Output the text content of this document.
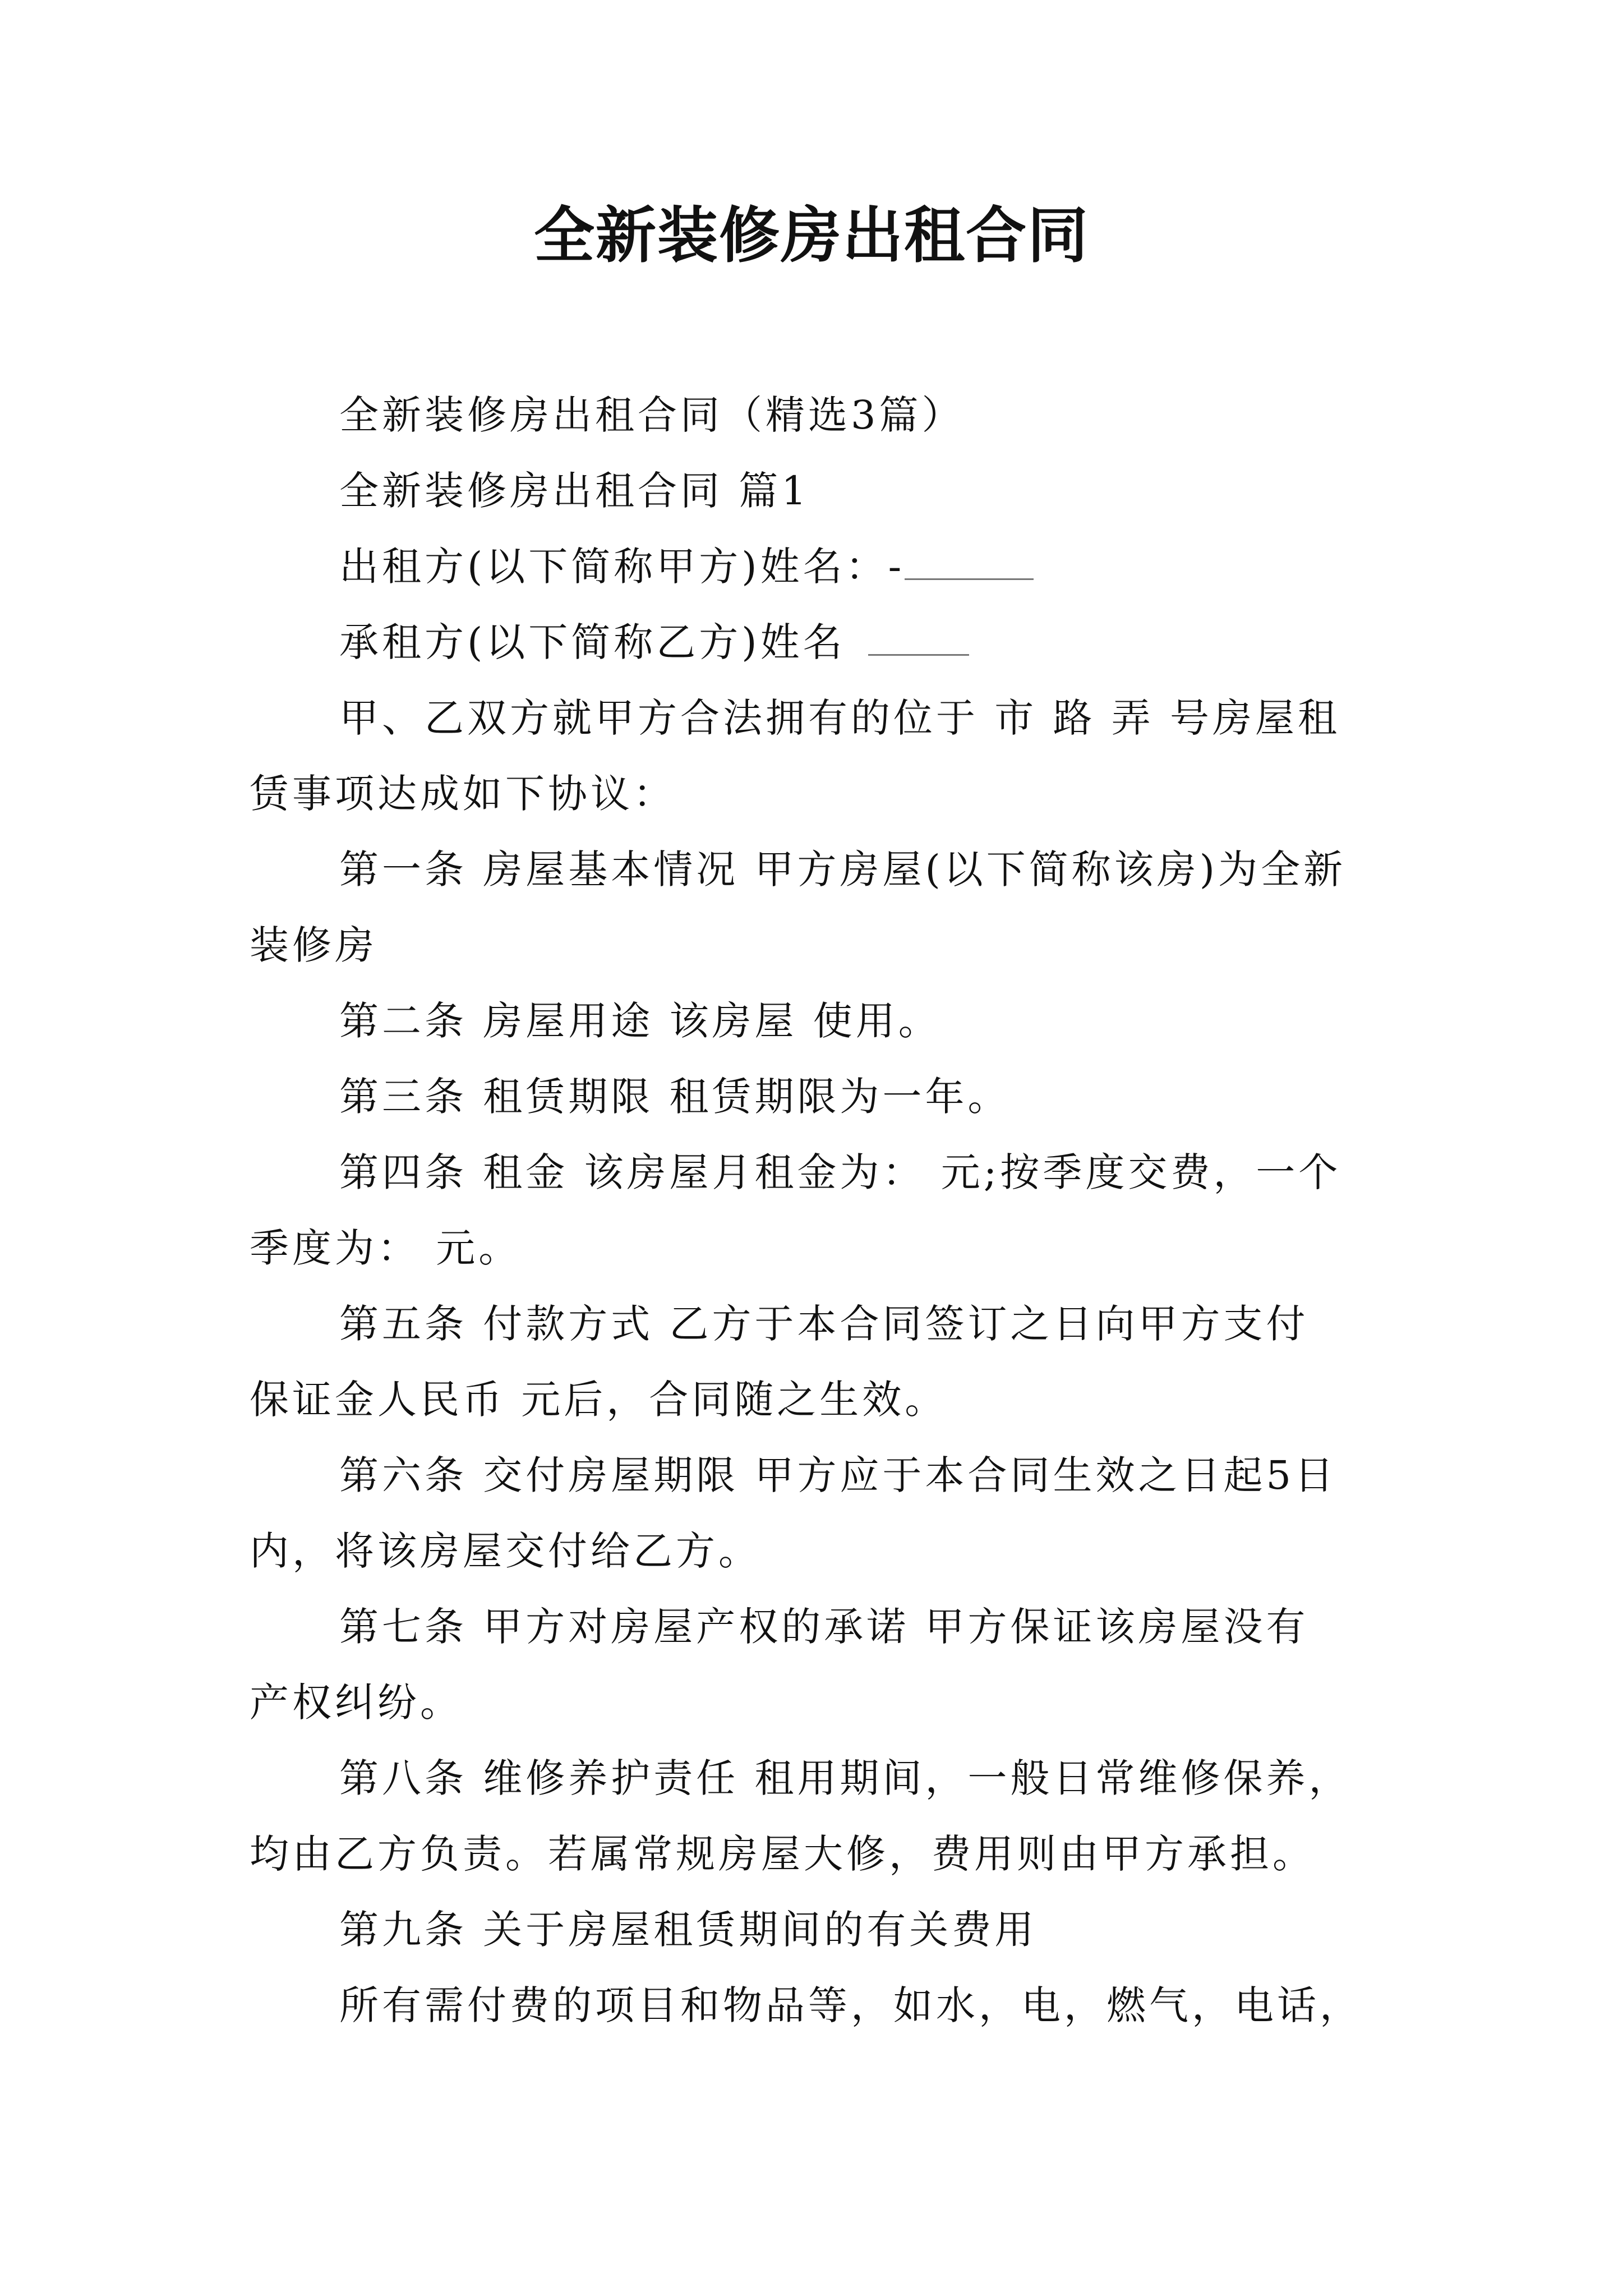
全新装修房出租合同
全新装修房出租合同（精选3篇）
全新装修房出租合同 篇1
出租方(以下简称甲方)姓名：-
承租方(以下简称乙方)姓名
甲、乙双方就甲方合法拥有的位于 市 路 弄 号房屋租
赁事项达成如下协议：
第一条 房屋基本情况 甲方房屋(以下简称该房)为全新
装修房
第二条 房屋用途 该房屋 使用。
第三条 租赁期限 租赁期限为一年。
第四条 租金 该房屋月租金为： 元;按季度交费，一个
季度为： 元。
第五条 付款方式 乙方于本合同签订之日向甲方支付
保证金人民币 元后，合同随之生效。
第六条 交付房屋期限 甲方应于本合同生效之日起5日
内，将该房屋交付给乙方。
第七条 甲方对房屋产权的承诺 甲方保证该房屋没有
产权纠纷。
第八条 维修养护责任 租用期间，一般日常维修保养，
均由乙方负责。若属常规房屋大修，费用则由甲方承担。
第九条 关于房屋租赁期间的有关费用
所有需付费的项目和物品等，如水，电，燃气，电话，
